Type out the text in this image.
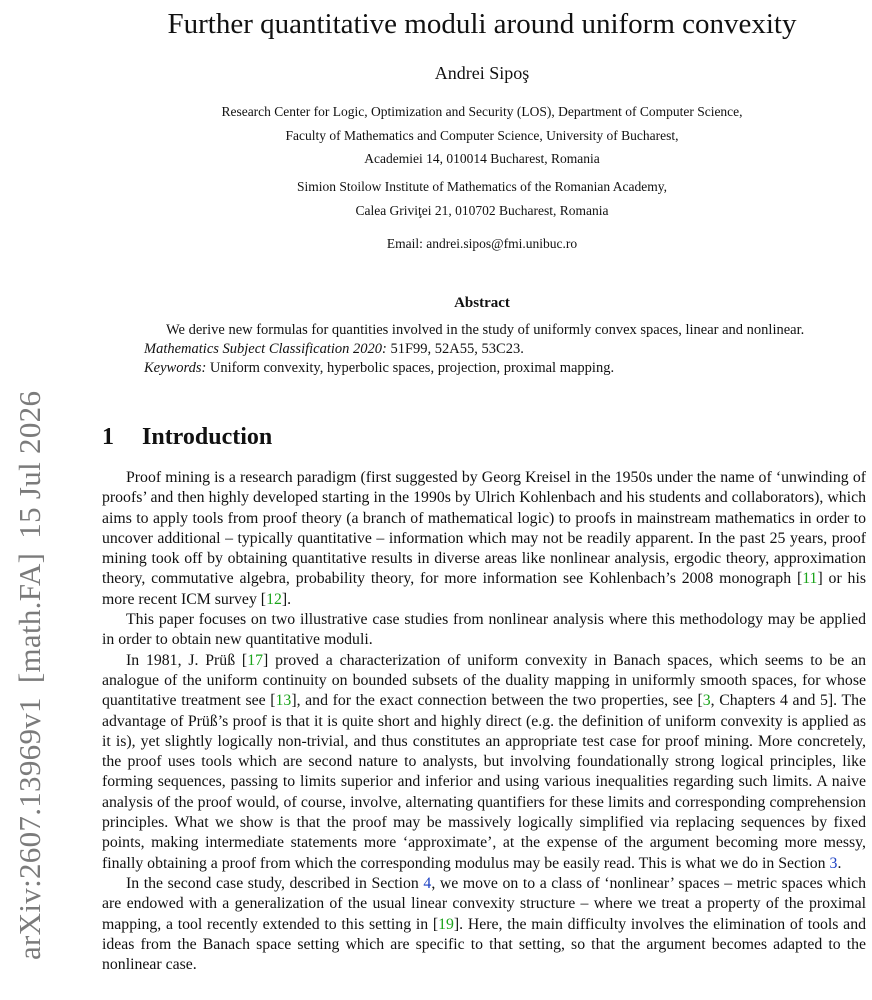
arXiv:2607.13969v1[math.FA]15 Jul 2026
Further quantitative moduli around uniform convexity
Andrei Sipoş
Research Center for Logic, Optimization and Security (LOS), Department of Computer Science,
Faculty of Mathematics and Computer Science, University of Bucharest,
Academiei 14, 010014 Bucharest, Romania
Simion Stoilow Institute of Mathematics of the Romanian Academy,
Calea Griviţei 21, 010702 Bucharest, Romania
Email: andrei.sipos@fmi.unibuc.ro
Abstract

We derive new formulas for quantities involved in the study of uniformly convex spaces, linear and nonlinear.

Mathematics Subject Classification 2020: 51F99, 52A55, 53C23.

Keywords: Uniform convexity, hyperbolic spaces, projection, proximal mapping.

1 Introduction

Proof mining is a research paradigm (first suggested by Georg Kreisel in the 1950s under the name of ‘unwinding of proofs’ and then highly developed starting in the 1990s by Ulrich Kohlenbach and his students and collaborators), which aims to apply tools from proof theory (a branch of mathematical logic) to proofs in mainstream mathematics in order to uncover additional – typically quantitative – information which may not be readily apparent. In the past 25 years, proof mining took off by obtaining quantitative results in diverse areas like nonlinear analysis, ergodic theory, approximation theory, commutative algebra, probability theory, for more information see Kohlenbach’s 2008 monograph [11] or his more recent ICM survey [12].

This paper focuses on two illustrative case studies from nonlinear analysis where this methodology may be applied in order to obtain new quantitative moduli.

In 1981, J. Prüß [17] proved a characterization of uniform convexity in Banach spaces, which seems to be an analogue of the uniform continuity on bounded subsets of the duality mapping in uniformly smooth spaces, for whose quantitative treatment see [13], and for the exact connection between the two properties, see [3, Chapters 4 and 5]. The advantage of Prüß’s proof is that it is quite short and highly direct (e.g. the definition of uniform convexity is applied as it is), yet slightly logically non-trivial, and thus constitutes an appropriate test case for proof mining. More concretely, the proof uses tools which are second nature to analysts, but involving foundationally strong logical principles, like forming sequences, passing to limits superior and inferior and using various inequalities regarding such limits. A naive analysis of the proof would, of course, involve, alternating quantifiers for these limits and corresponding comprehension principles. What we show is that the proof may be massively logically simplified via replacing sequences by fixed points, making intermediate statements more ‘approximate’, at the expense of the argument becoming more messy, finally obtaining a proof from which the corresponding modulus may be easily read. This is what we do in Section 3.

In the second case study, described in Section 4, we move on to a class of ‘nonlinear’ spaces – metric spaces which are endowed with a generalization of the usual linear convexity structure – where we treat a property of the proximal mapping, a tool recently extended to this setting in [19]. Here, the main difficulty involves the elimination of tools and ideas from the Banach space setting which are specific to that setting, so that the argument becomes adapted to the nonlinear case.
